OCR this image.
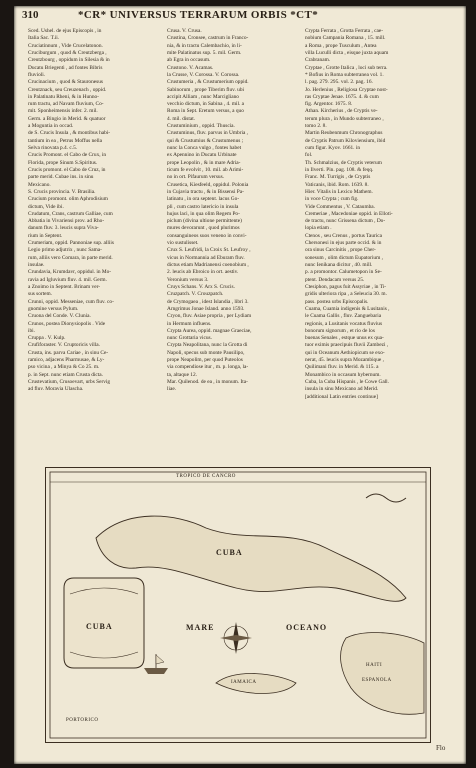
310	*CR* UNIVERSUS TERRARUM ORBIS *CT*

Sced. Ushel. de ejus Episcopis , in

Italia Sac. T.ii.

Cruciatinnum , Vide Crucelatonon.

Cruciburgum , quod & Creutzberga ,

Creutzbourg , oppidum in Silesia & in

Ducatu Briegenti , ad fontes Bibris

fluvioli.

Crucinacium , quod & Stauronesus

Creutznack, seu Creuzenach , oppid.

in Palatinatu Rheni, & in Hunno-

rum tractu, ad Navam fluvium, Co-

mit. Sponheimensis infer. 2. mil.

Germ. a Bingio in Merid. & quatuor

a Moguntia in occad.

de S. Crucis Insula , & montibus habi-

tantium in ea , Petrus Moffus nella

Selva rinovata p.4. c.5.

Crucis Promont. el Cabo de Crux, in

Florida, prope Sinum S.Spiritus.

Crucis promont. el Cabo de Cruz, in

parte merid. Cubae ins. in sinu

Mexicano.

S. Crucis provincia. V. Brasilia.

Crucium promont. olim Aphrodisium

dictum, Vide ibi.

Crudatum, Crans, castrum Galliae, cum

Abbatia in Vivariensi prov. ad Rho-

danum fluv. 3. leucis supra Viva-

rium in Septent.

Crumeriam, oppid. Pannoniae sup. alliis

Legio primo adjutrix , nunc Sama-

rum, alliis vero Comara, in parte merid.

insulae.

Crundavia, Krumdavr, oppidul. in Mo-

ravia ad Igluvium fluv. 4. mil. Germ.

a Znoimo in Septent. Brinam ver-

sus sortem.

Crunni, oppid. Messeniae, cum fluv. co-

gnomine versus Pylum.

Cruona del Conde. V. Clunia.

Crunos, postea Dionysiopolis . Vide

ibi.

Cruppa . V. Kulp.

Crufiforaster. V. Cruptoricis villa.

Crusta, ins. parva Cariae , in sinu Ce-

ramico, adjacens Pharmusae, & Ly-

pso vicina , a Minya & Co 25. m.

p. in Sept. nunc etiam Crusta dicta.

Crustevatium, Crusoevart, urbs Servig

ad fluv. Moravia Ulascha.

Crusa. V. Crusa.

Crustina, Cronsee, castrum in Franco-

nia, & in tractu Calembachio, in li-

mite Palatinatus sup. 5. mil. Germ.

ab Egra in occasum.

Crustono. V. Acamas.

la Crusse, V. Corossa. V. Corossa.

Crustumeria , & Crustumerium oppid.

Sabinorum , prope Tiberim fluv. ubi

accipit Alliam , nunc Marcigliano

vecchio dictum, in Sabina , 4. mil. a

Roma in Sept. Eretum versus, a quo

4. mil. distat.

Crustuminium , oppid. Thuscia.

Crustuminus, fluv. parvus in Umbria ,

qui & Crustumius & Crustumenus ;

nunc la Conca vulgo , fontes habet

ex Apennino in Ducatu Urbinate

prope Leopolin , & in mare Adria-

ticum fe evolvit , 10. mil. ab Arimi-

no in ort. Pifaurum versus.

Crusetica, Kiesfeeld, oppidul. Polonia

in Cujavia tractu , & in Bissensi Pa-

latinatu , in ora septent. lacus Go-

pli , cum castro latericio in insula

hujus laci, in qua olim Regem Po-

piclum (divina ultione permittente)

mures devorarunt , quod plurimos

consanguineos suos veneno in convi-

vio sustulisset.

Crux S. Leufridi, la Croix St. Leufroy ,

vicus in Normannia ad Eburam fluv.

dictus etiam Madrianensi coenobium ,

2. leucis ab Ebroico in ort. aestiv.

Veronium versus 3.

Cruys Schans. V. Arx S. Crucis.

Cruzpatch. V. Crouzpatch.

de Crymogaea , idest Islandia , libri 3.

Arngrimus Jonae Island. anno 1593.

Cryon, fluv. Asiae propria , per Lydiam

in Hermum influens.

Crypta Aurea, oppid. magnae Graeciae,

nunc Grottaria vicus.

Crypta Neapolitana, nunc la Grotta di

Napoli, specus sub monte Pausilipo,

prope Neapolim, per quod Puteolos

via compendiose itur , m. p. longa, la-

ta, altaque 12.

Mar. Quilenod. de ea , in monum. Ita-

liae.

Crypta Ferrata , Grotta Ferrata , cae-

nobium Campania Romana , 15. mill.

a Roma , prope Tusculum , Antea

villa Luculli dicta , eisque juxta aquam

Crabranam.

Cryptae , Grotte Italica , loci sub terra.

* Bofius in Roma subterranea vol. 1.

l. pag. 279. 295. vol. 2. pag. 16.

Jo. Herlenius , Religiosa Cryptae nost-

ras Cryptae Jenae. 1675. 4. & cum

fig. Argentor. 1675. 8.

Athan. Kircherius , de Cryptis ve-

terum plura , in Mundo subterraneo ,

tomo 2. 8.

Martin Reubenmum Chronographus

de Cryptis Patrum Kiloviensium, ibid

cum figur. Kyov. 1661. in

fol.

Th. Schmalzius, de Cryptis veterum

in Ilverti. Pin. pag. 108. & feqq.

Franc. M. Turrigis , de Cryptis

Vaticanis, ibid. Rom. 1639. 8.

Hier. Vitalis in Lexico Mathem.

in voce Crypta ; cum fig.

Vide Commentus , V. Cataumba.

Cremeriae , Macedoniae oppid. in Elloti-

de tractu, nunc Grissena dictum , Do-

lopia etiam .

Ctenos , seu Crenus , portus Taurica

Chersonesi in ejus parte occid. & in

ora sinus Carcinitis , prope Cher-

sonesum , olim dictum Eupatorium ,

nunc Ienikana dicitur , 40. mill.

p. a promontor. Calumetopon in Se-

ptent. Dendacam versus 25.

Ctesiphon, pagus fuit Assyriae , in Ti-

gridis ulteriora ripa , a Seleucia 30. m.

pass. postea urbs Episcopalis.

Cuama, Cuamia indigenis & Lusitanis ,

le Cuama Gallis , fluv. Zanguebaria

regionis, a Lusitanis vocatus fluvius

bonorum signorum , et rio de los

buenas Senales , estque unus ex qua-

tuor eximis praecipuis fluvii Zambezi ,

qui in Oceanum Aethiopicum se exo-

nerat, 45. leucis supra Mozambique ,

Quilimani fluv. in Merid. & 115. a

Monambico in occasum hybernum.

Cuba, la Cuba Hispanis , le Cowe Gall.

insula in sinu Mexicano ad Merid.

[additional Latin entries continue]

TROPICO DE CANCRO
CUBA	MARE	OCEANO
IAMAICA
HAITI
ESPANOLA
CUBA
PORTORICO
Flo
